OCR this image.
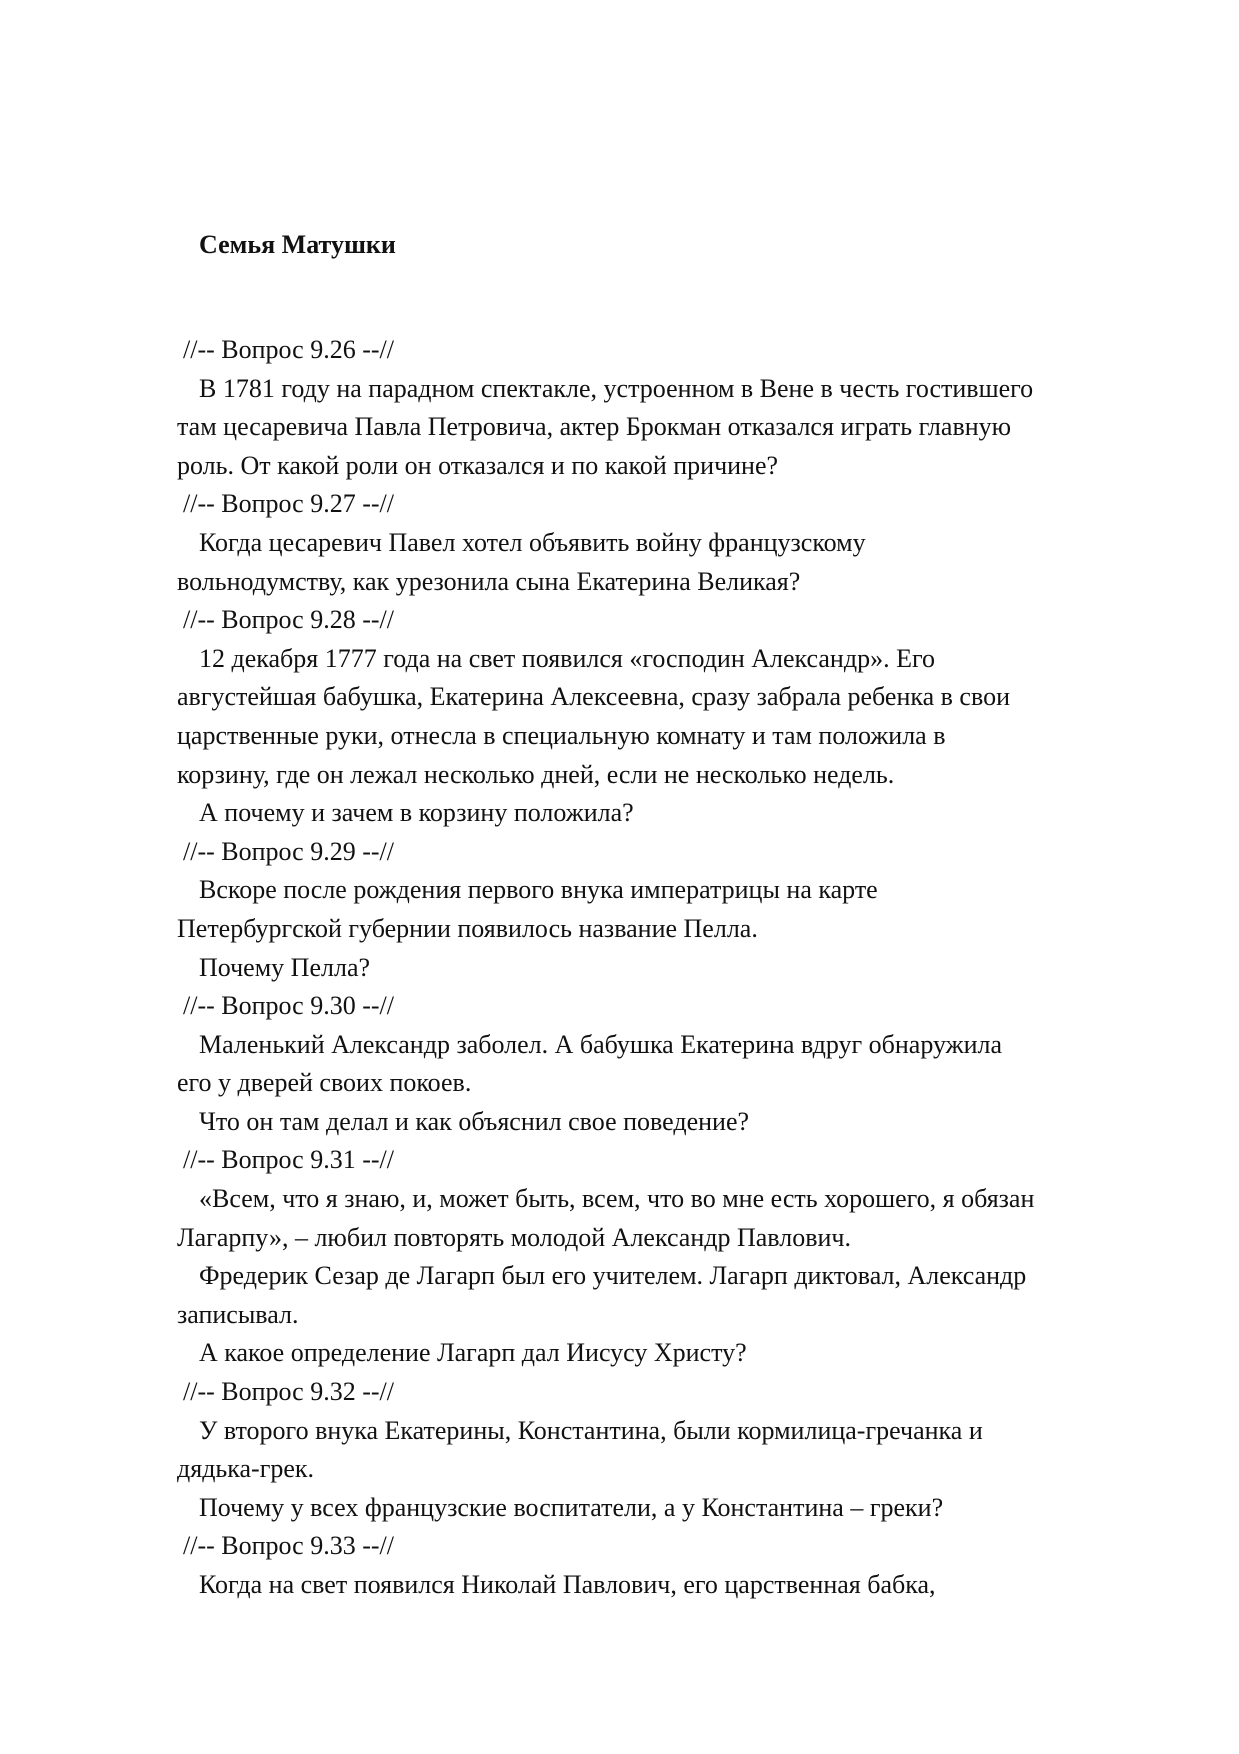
Семья Матушки
//-- Вопрос 9.26 --//
В 1781 году на парадном спектакле, устроенном в Вене в честь гостившего
там цесаревича Павла Петровича, актер Брокман отказался играть главную
роль. От какой роли он отказался и по какой причине?
//-- Вопрос 9.27 --//
Когда цесаревич Павел хотел объявить войну французскому
вольнодумству, как урезонила сына Екатерина Великая?
//-- Вопрос 9.28 --//
12 декабря 1777 года на свет появился «господин Александр». Его
августейшая бабушка, Екатерина Алексеевна, сразу забрала ребенка в свои
царственные руки, отнесла в специальную комнату и там положила в
корзину, где он лежал несколько дней, если не несколько недель.
А почему и зачем в корзину положила?
//-- Вопрос 9.29 --//
Вскоре после рождения первого внука императрицы на карте
Петербургской губернии появилось название Пелла.
Почему Пелла?
//-- Вопрос 9.30 --//
Маленький Александр заболел. А бабушка Екатерина вдруг обнаружила
его у дверей своих покоев.
Что он там делал и как объяснил свое поведение?
//-- Вопрос 9.31 --//
«Всем, что я знаю, и, может быть, всем, что во мне есть хорошего, я обязан
Лагарпу», – любил повторять молодой Александр Павлович.
Фредерик Сезар де Лагарп был его учителем. Лагарп диктовал, Александр
записывал.
А какое определение Лагарп дал Иисусу Христу?
//-- Вопрос 9.32 --//
У второго внука Екатерины, Константина, были кормилица-гречанка и
дядька-грек.
Почему у всех французские воспитатели, а у Константина – греки?
//-- Вопрос 9.33 --//
Когда на свет появился Николай Павлович, его царственная бабка,
